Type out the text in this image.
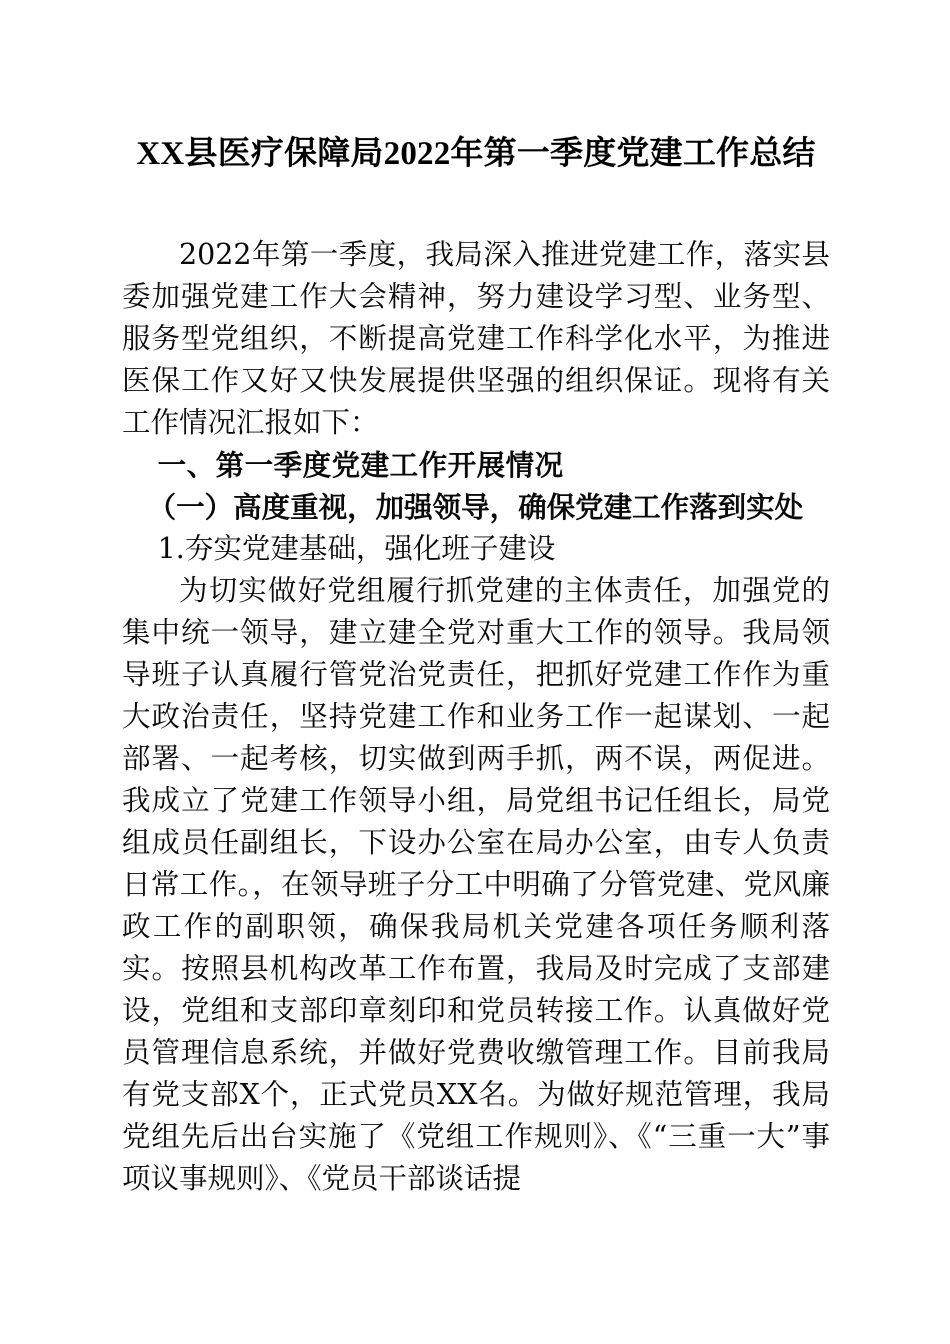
XX县医疗保障局2022年第一季度党建工作总结

2022年第一季度，我局深入推进党建工作，落实县委加强党建工作大会精神，努力建设学习型、业务型、服务型党组织，不断提高党建工作科学化水平，为推进医保工作又好又快发展提供坚强的组织保证。现将有关工作情况汇报如下：

一、第一季度党建工作开展情况

（一）高度重视，加强领导，确保党建工作落到实处

1.夯实党建基础，强化班子建设

为切实做好党组履行抓党建的主体责任，加强党的集中统一领导，建立建全党对重大工作的领导。我局领导班子认真履行管党治党责任，把抓好党建工作作为重大政治责任，坚持党建工作和业务工作一起谋划、一起部署、一起考核，切实做到两手抓，两不误，两促进。我成立了党建工作领导小组，局党组书记任组长，局党组成员任副组长，下设办公室在局办公室，由专人负责日常工作。，在领导班子分工中明确了分管党建、党风廉政工作的副职领，确保我局机关党建各项任务顺利落实。按照县机构改革工作布置，我局及时完成了支部建设，党组和支部印章刻印和党员转接工作。认真做好党员管理信息系统，并做好党费收缴管理工作。目前我局有党支部X个，正式党员XX名。为做好规范管理，我局党组先后出台实施了《党组工作规则》、《“三重一大”事项议事规则》、《党员干部谈话提
